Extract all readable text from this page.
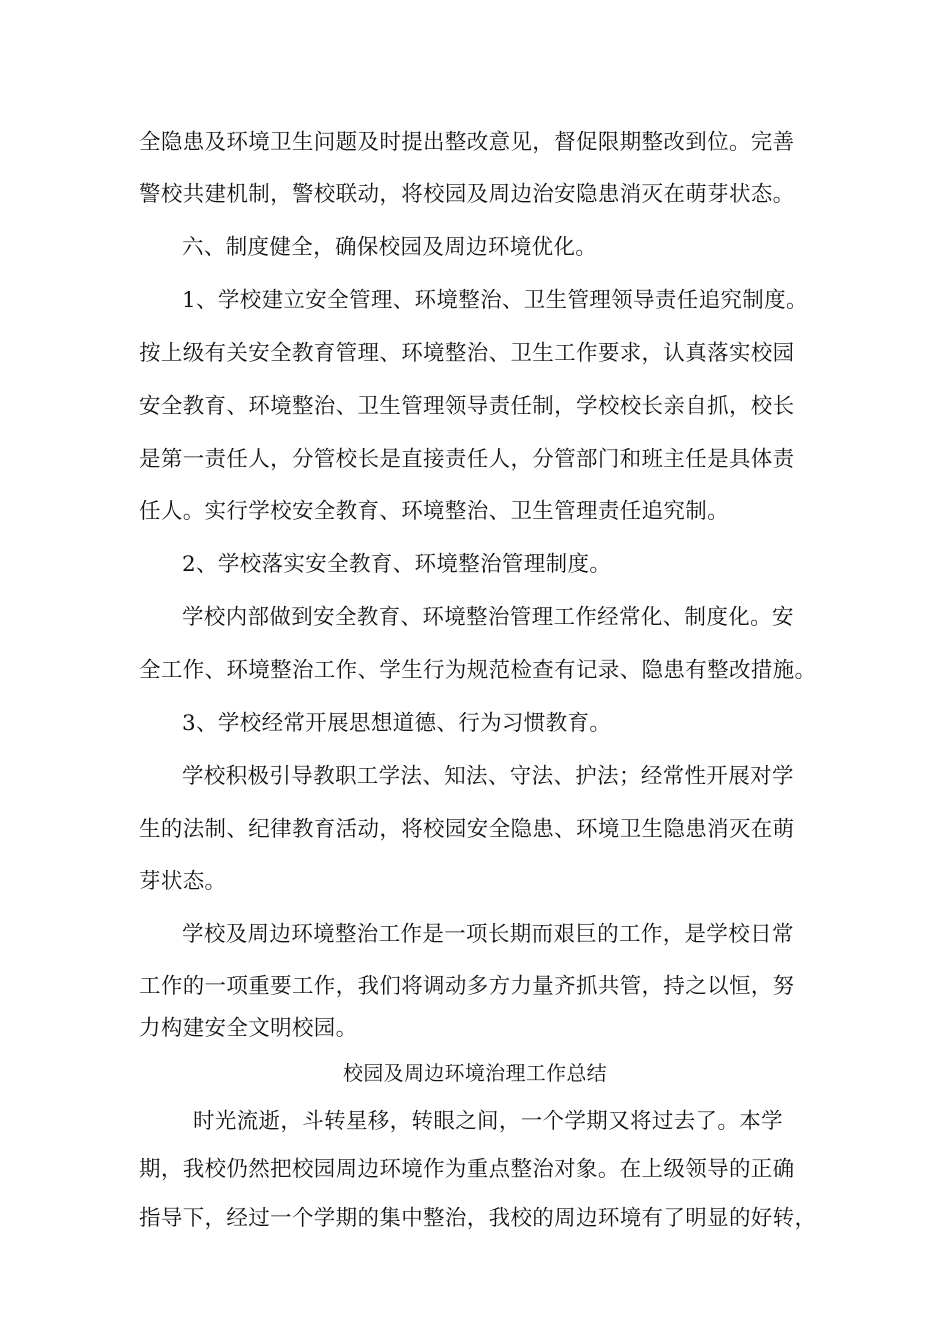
全隐患及环境卫生问题及时提出整改意见，督促限期整改到位。完善
警校共建机制，警校联动，将校园及周边治安隐患消灭在萌芽状态。
六、制度健全，确保校园及周边环境优化。
1、学校建立安全管理、环境整治、卫生管理领导责任追究制度。
按上级有关安全教育管理、环境整治、卫生工作要求，认真落实校园
安全教育、环境整治、卫生管理领导责任制，学校校长亲自抓，校长
是第一责任人，分管校长是直接责任人，分管部门和班主任是具体责
任人。实行学校安全教育、环境整治、卫生管理责任追究制。
2、学校落实安全教育、环境整治管理制度。
学校内部做到安全教育、环境整治管理工作经常化、制度化。安
全工作、环境整治工作、学生行为规范检查有记录、隐患有整改措施。
3、学校经常开展思想道德、行为习惯教育。
学校积极引导教职工学法、知法、守法、护法；经常性开展对学
生的法制、纪律教育活动，将校园安全隐患、环境卫生隐患消灭在萌
芽状态。
学校及周边环境整治工作是一项长期而艰巨的工作，是学校日常
工作的一项重要工作，我们将调动多方力量齐抓共管，持之以恒，努
力构建安全文明校园。
校园及周边环境治理工作总结
时光流逝，斗转星移，转眼之间，一个学期又将过去了。本学
期，我校仍然把校园周边环境作为重点整治对象。在上级领导的正确
指导下，经过一个学期的集中整治，我校的周边环境有了明显的好转，
